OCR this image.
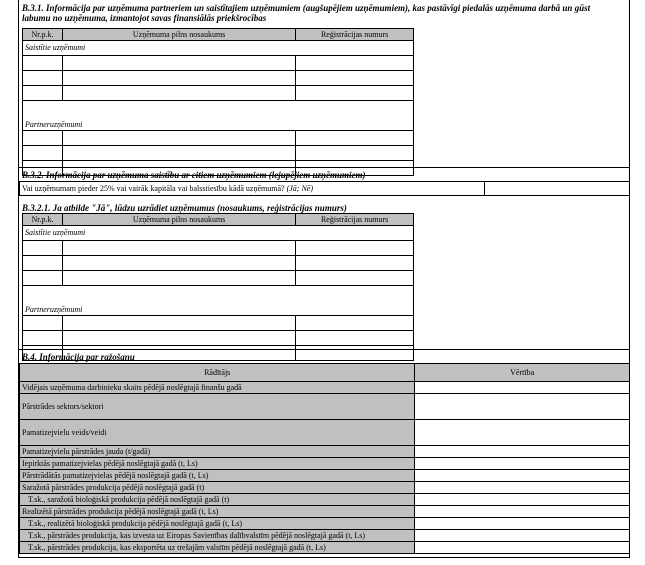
B.3.1. Informācija par uzņēmuma partneriem un saistītajiem uzņēmumiem (augšupējiem uzņēmumiem), kas pastāvīgi piedalās uzņēmuma darbā un gūst labumu no uzņēmuma, izmantojot savas finansiālās priekšrocības
Nr.p.k.	Uzņēmuma pilns nosaukums	Reģistrācijas numurs
Saistītie uzņēmumi		

Partneruzņēmumi		

B.3.2. Informācija par uzņēmuma saistību ar citiem uzņēmumiem (lejupējiem uzņēmumiem)
Vai uzņēmumam pieder 25% vai vairāk kapitāla vai balsstiesību kādā uzņēmumā? (Jā; Nē)	
B.3.2.1. Ja atbilde "Jā", lūdzu uzrādiet uzņēmumus (nosaukums, reģistrācijas numurs)
Nr.p.k.	Uzņēmuma pilns nosaukums	Reģistrācijas numurs
Saistītie uzņēmumi		

Partneruzņēmumi		

B.4. Informācija par ražošanu
Rādītājs	Vērtība
Vidējais uzņēmuma darbinieku skaits pēdējā noslēgtajā finanšu gadā	
Pārstrādes sektors/sektori	
Pamatizejvielu veids/veidi	
Pamatizejvielu pārstrādes jauda (t/gadā)	
Iepirktās pamatizejvielas pēdējā noslēgtajā gadā (t, Ls)	
Pārstrādātās pamatizejvielas pēdējā noslēgtajā gadā (t, Ls)	
Saražotā pārstrādes produkcija pēdējā noslēgtajā gadā (t)	
T.sk., saražotā bioloģiskā produkcija pēdējā noslēgtajā gadā (t)	
Realizētā pārstrādes produkcija pēdējā noslēgtajā gadā (t, Ls)	
T.sk., realizētā bioloģiskā produkcija pēdējā noslēgtajā gadā (t, Ls)	
T.sk., pārstrādes produkcija, kas izvesta uz Eiropas Savienības dalībvalstīm pēdējā noslēgtajā gadā (t, Ls)	
T.sk., pārstrādes produkcija, kas eksportēta uz trešajām valstīm pēdējā noslēgtajā gadā (t, Ls)	
